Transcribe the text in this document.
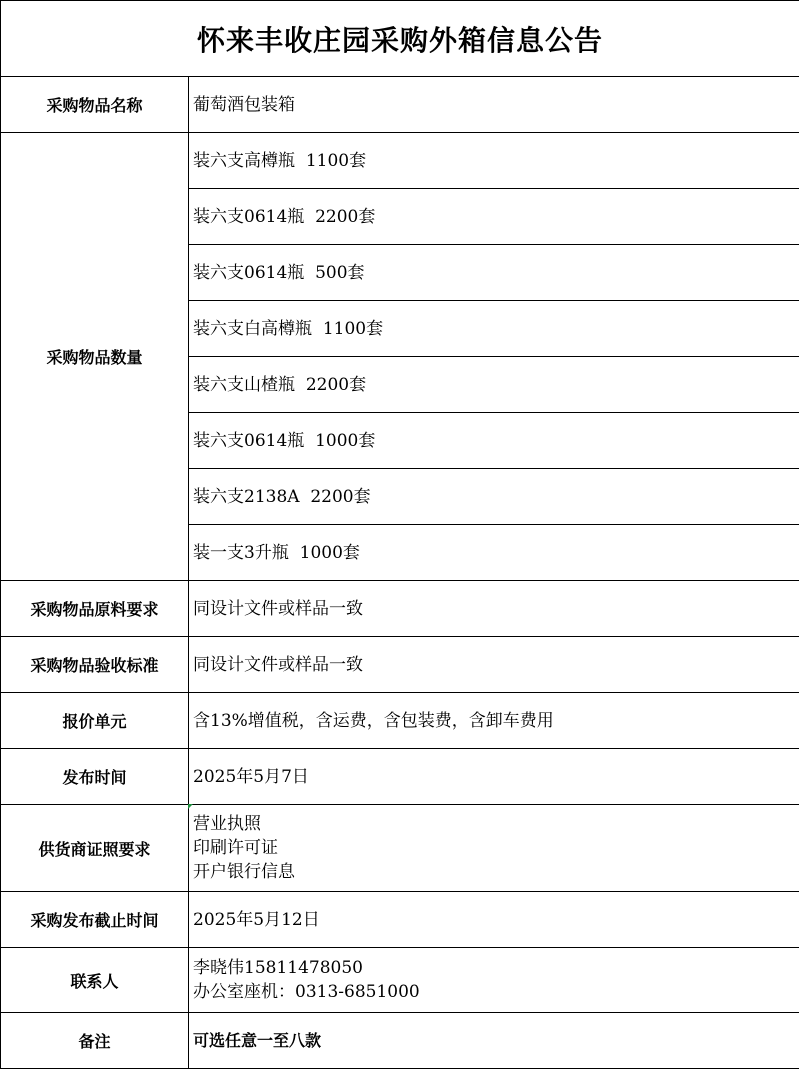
怀来丰收庄园采购外箱信息公告	
采购物品名称	葡萄酒包装箱
采购物品数量	装六支高樽瓶 1100套
	装六支0614瓶 2200套
	装六支0614瓶 500套
	装六支白高樽瓶 1100套
	装六支山楂瓶 2200套
	装六支0614瓶 1000套
	装六支2138A 2200套
	装一支3升瓶 1000套
采购物品原料要求	同设计文件或样品一致
采购物品验收标准	同设计文件或样品一致
报价单元	含13%增值税，含运费，含包装费，含卸车费用
发布时间	2025年5月7日
供货商证照要求	营业执照
印刷许可证
开户银行信息

采购发布截止时间	2025年5月12日
联系人	李晓伟15811478050
办公室座机：0313-6851000

备注	可选任意一至八款
